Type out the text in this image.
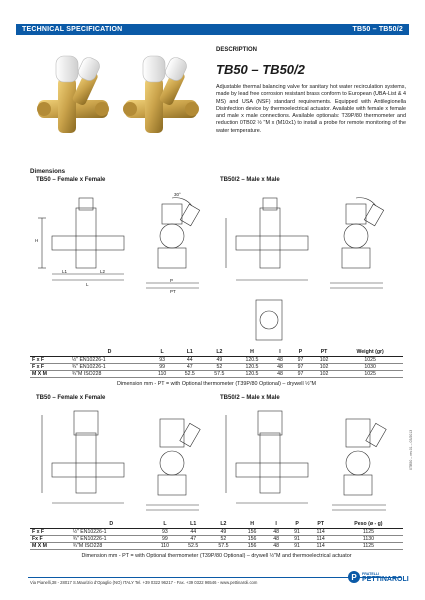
TECHNICAL SPECIFICATION	TB50 – TB50/2
DESCRIPTION
TB50 – TB50/2
Adjustable thermal balancing valve for sanitary hot water recirculation systems, made by lead free corrosion resistant brass conform to European (UBA-List & 4 MS) and USA (NSF) standard requirements. Equipped with Antilegionella Disinfection device by thermoelectrical actuator. Available with female x female and male x male connections. Available optionals: T39P/80 thermometer and reduction 0TB02 ½ "M x (M10x1) to install a probe for remote monitoring of the water temperature.
Dimensions
TB50 – Female x Female	TB50/2 – Male x Male
H
L1	L2
L
30°
P
PT
	D	L	L1	L2	H	I	P	PT	Weight (gr)
F x F	½" EN10226-1	93	44	49	120.5	48	97	102	1025
F x F	¾" EN10226-1	99	47	52	120.5	48	97	102	1030
M X M	¾"M ISO228	110	52.5	57.5	120.5	48	97	102	1025
Dimension mm - PT = with Optional thermometer (T39P/80 Optional) – drywell ½"M
TB50 – Female x Female	TB50/2 – Male x Male
	D	L	L1	L2	H	I	P	PT	Peso (ø - g)
F x F	½" EN10226-1	93	44	49	156	48	91	114	1125
Fx F	¾" EN10226-1	99	47	52	156	48	91	114	1130
M X M	¾"M ISO228	110	52.5	57.5	156	48	91	114	1125
Dimension mm - PT = with Optional thermometer (T39P/80 Optional) – drywell ½"M and thermoelectrical actuator
0TB50 – rev.01 – 03/2013
Via Pianelli,38 - 28017 S.Maurizio d'Opaglio (NO) ITALY Tel. +39 0322 96217 - Fax. +39 0322 96546 - www.pettinaroli.com
P	FRATELLI
PETTINAROLI
